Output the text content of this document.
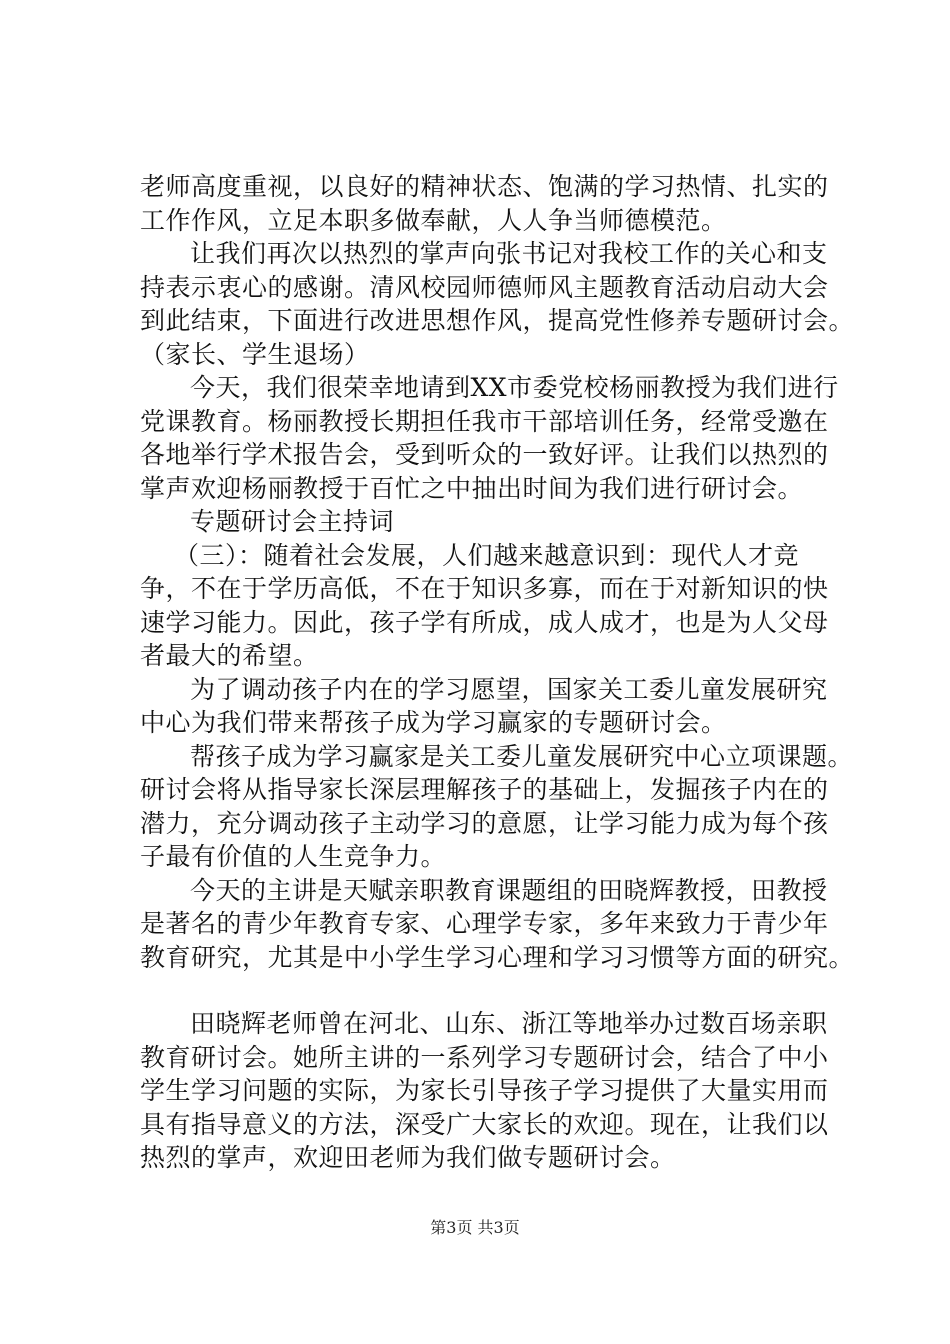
老师高度重视，以良好的精神状态、饱满的学习热情、扎实的

工作作风，立足本职多做奉献，人人争当师德模范。

让我们再次以热烈的掌声向张书记对我校工作的关心和支

持表示衷心的感谢。清风校园师德师风主题教育活动启动大会

到此结束，下面进行改进思想作风，提高党性修养专题研讨会。

（家长、学生退场）

今天，我们很荣幸地请到XX市委党校杨丽教授为我们进行

党课教育。杨丽教授长期担任我市干部培训任务，经常受邀在

各地举行学术报告会，受到听众的一致好评。让我们以热烈的

掌声欢迎杨丽教授于百忙之中抽出时间为我们进行研讨会。

专题研讨会主持词

（三）：随着社会发展，人们越来越意识到：现代人才竞

争，不在于学历高低，不在于知识多寡，而在于对新知识的快

速学习能力。因此，孩子学有所成，成人成才，也是为人父母

者最大的希望。

为了调动孩子内在的学习愿望，国家关工委儿童发展研究

中心为我们带来帮孩子成为学习赢家的专题研讨会。

帮孩子成为学习赢家是关工委儿童发展研究中心立项课题。

研讨会将从指导家长深层理解孩子的基础上，发掘孩子内在的

潜力，充分调动孩子主动学习的意愿，让学习能力成为每个孩

子最有价值的人生竞争力。

今天的主讲是天赋亲职教育课题组的田晓辉教授，田教授

是著名的青少年教育专家、心理学专家，多年来致力于青少年

教育研究，尤其是中小学生学习心理和学习习惯等方面的研究。

田晓辉老师曾在河北、山东、浙江等地举办过数百场亲职

教育研讨会。她所主讲的一系列学习专题研讨会，结合了中小

学生学习问题的实际，为家长引导孩子学习提供了大量实用而

具有指导意义的方法，深受广大家长的欢迎。现在，让我们以

热烈的掌声，欢迎田老师为我们做专题研讨会。

第3页 共3页
